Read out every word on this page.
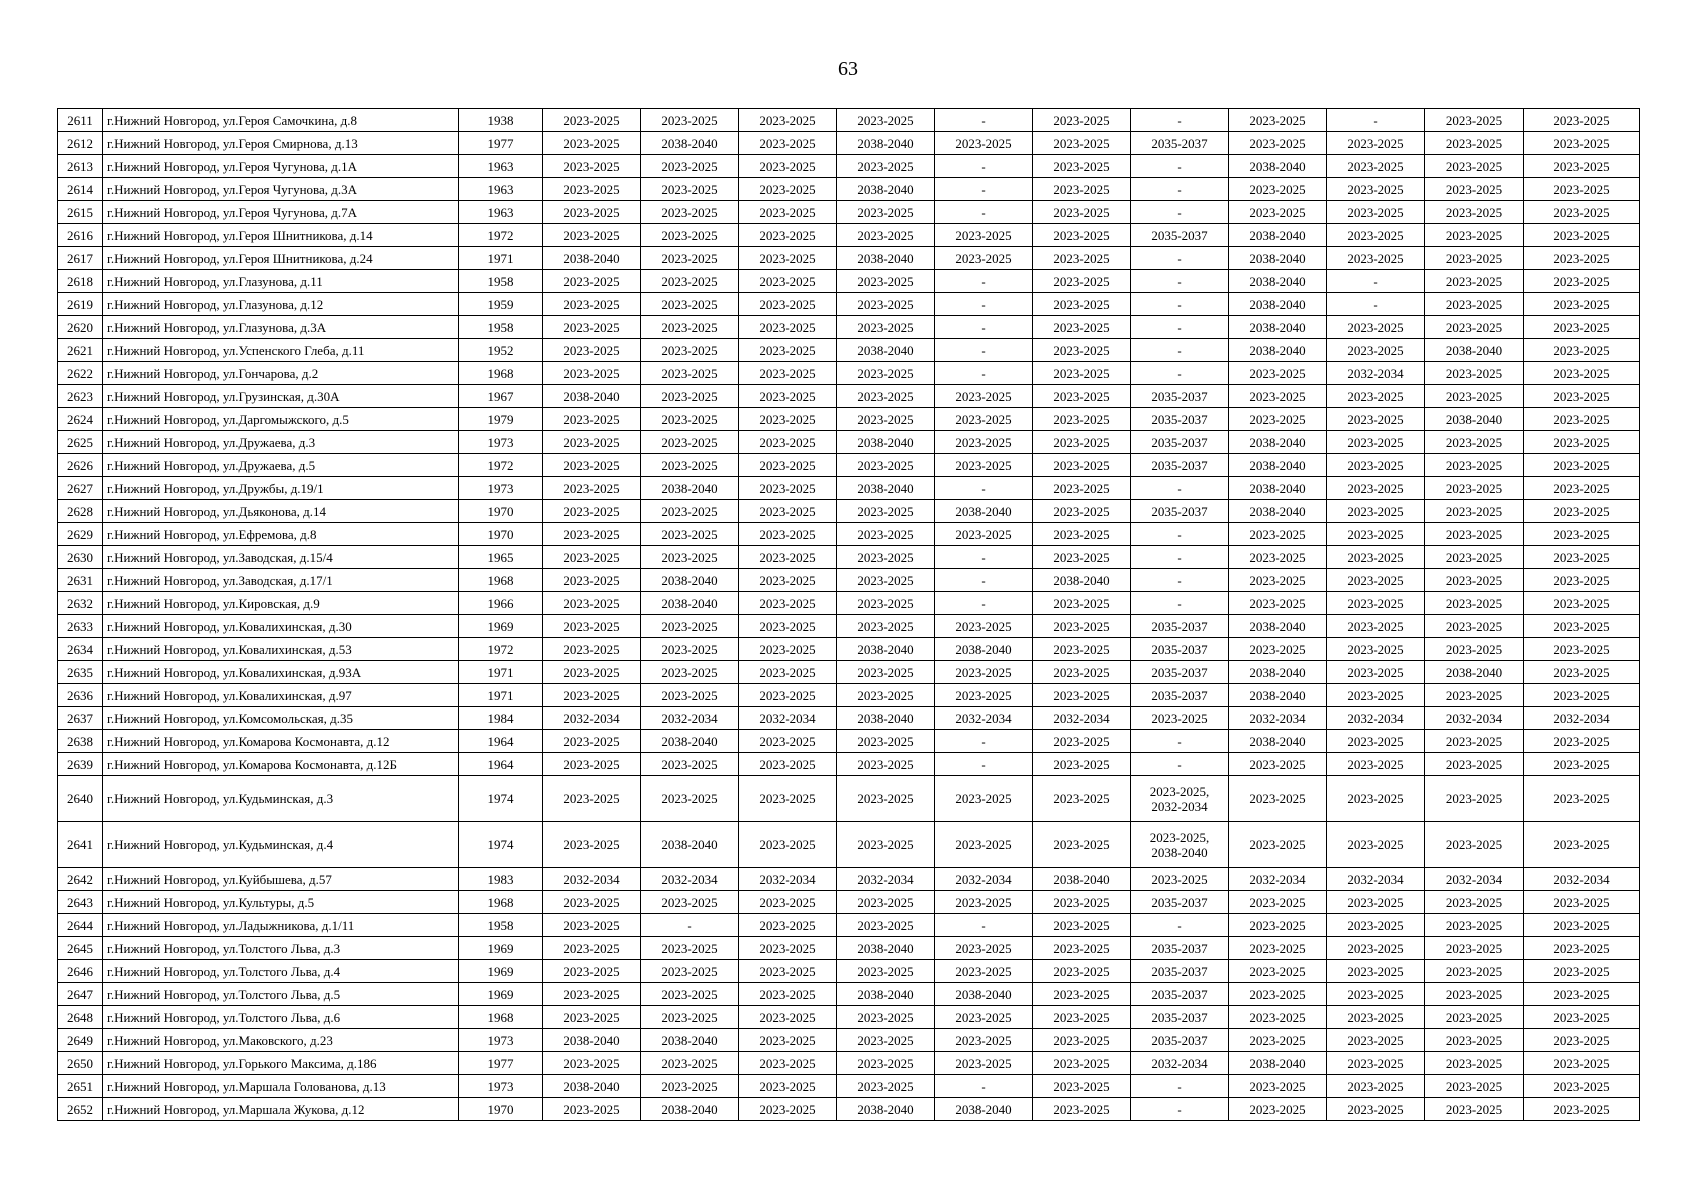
63
2611	г.Нижний Новгород, ул.Героя Самочкина, д.8	1938	2023-2025	2023-2025	2023-2025	2023-2025	-	2023-2025	-	2023-2025	-	2023-2025	2023-2025
2612	г.Нижний Новгород, ул.Героя Смирнова, д.13	1977	2023-2025	2038-2040	2023-2025	2038-2040	2023-2025	2023-2025	2035-2037	2023-2025	2023-2025	2023-2025	2023-2025
2613	г.Нижний Новгород, ул.Героя Чугунова, д.1А	1963	2023-2025	2023-2025	2023-2025	2023-2025	-	2023-2025	-	2038-2040	2023-2025	2023-2025	2023-2025
2614	г.Нижний Новгород, ул.Героя Чугунова, д.3А	1963	2023-2025	2023-2025	2023-2025	2038-2040	-	2023-2025	-	2023-2025	2023-2025	2023-2025	2023-2025
2615	г.Нижний Новгород, ул.Героя Чугунова, д.7А	1963	2023-2025	2023-2025	2023-2025	2023-2025	-	2023-2025	-	2023-2025	2023-2025	2023-2025	2023-2025
2616	г.Нижний Новгород, ул.Героя Шнитникова, д.14	1972	2023-2025	2023-2025	2023-2025	2023-2025	2023-2025	2023-2025	2035-2037	2038-2040	2023-2025	2023-2025	2023-2025
2617	г.Нижний Новгород, ул.Героя Шнитникова, д.24	1971	2038-2040	2023-2025	2023-2025	2038-2040	2023-2025	2023-2025	-	2038-2040	2023-2025	2023-2025	2023-2025
2618	г.Нижний Новгород, ул.Глазунова, д.11	1958	2023-2025	2023-2025	2023-2025	2023-2025	-	2023-2025	-	2038-2040	-	2023-2025	2023-2025
2619	г.Нижний Новгород, ул.Глазунова, д.12	1959	2023-2025	2023-2025	2023-2025	2023-2025	-	2023-2025	-	2038-2040	-	2023-2025	2023-2025
2620	г.Нижний Новгород, ул.Глазунова, д.3А	1958	2023-2025	2023-2025	2023-2025	2023-2025	-	2023-2025	-	2038-2040	2023-2025	2023-2025	2023-2025
2621	г.Нижний Новгород, ул.Успенского Глеба, д.11	1952	2023-2025	2023-2025	2023-2025	2038-2040	-	2023-2025	-	2038-2040	2023-2025	2038-2040	2023-2025
2622	г.Нижний Новгород, ул.Гончарова, д.2	1968	2023-2025	2023-2025	2023-2025	2023-2025	-	2023-2025	-	2023-2025	2032-2034	2023-2025	2023-2025
2623	г.Нижний Новгород, ул.Грузинская, д.30А	1967	2038-2040	2023-2025	2023-2025	2023-2025	2023-2025	2023-2025	2035-2037	2023-2025	2023-2025	2023-2025	2023-2025
2624	г.Нижний Новгород, ул.Даргомыжского, д.5	1979	2023-2025	2023-2025	2023-2025	2023-2025	2023-2025	2023-2025	2035-2037	2023-2025	2023-2025	2038-2040	2023-2025
2625	г.Нижний Новгород, ул.Дружаева, д.3	1973	2023-2025	2023-2025	2023-2025	2038-2040	2023-2025	2023-2025	2035-2037	2038-2040	2023-2025	2023-2025	2023-2025
2626	г.Нижний Новгород, ул.Дружаева, д.5	1972	2023-2025	2023-2025	2023-2025	2023-2025	2023-2025	2023-2025	2035-2037	2038-2040	2023-2025	2023-2025	2023-2025
2627	г.Нижний Новгород, ул.Дружбы, д.19/1	1973	2023-2025	2038-2040	2023-2025	2038-2040	-	2023-2025	-	2038-2040	2023-2025	2023-2025	2023-2025
2628	г.Нижний Новгород, ул.Дьяконова, д.14	1970	2023-2025	2023-2025	2023-2025	2023-2025	2038-2040	2023-2025	2035-2037	2038-2040	2023-2025	2023-2025	2023-2025
2629	г.Нижний Новгород, ул.Ефремова, д.8	1970	2023-2025	2023-2025	2023-2025	2023-2025	2023-2025	2023-2025	-	2023-2025	2023-2025	2023-2025	2023-2025
2630	г.Нижний Новгород, ул.Заводская, д.15/4	1965	2023-2025	2023-2025	2023-2025	2023-2025	-	2023-2025	-	2023-2025	2023-2025	2023-2025	2023-2025
2631	г.Нижний Новгород, ул.Заводская, д.17/1	1968	2023-2025	2038-2040	2023-2025	2023-2025	-	2038-2040	-	2023-2025	2023-2025	2023-2025	2023-2025
2632	г.Нижний Новгород, ул.Кировская, д.9	1966	2023-2025	2038-2040	2023-2025	2023-2025	-	2023-2025	-	2023-2025	2023-2025	2023-2025	2023-2025
2633	г.Нижний Новгород, ул.Ковалихинская, д.30	1969	2023-2025	2023-2025	2023-2025	2023-2025	2023-2025	2023-2025	2035-2037	2038-2040	2023-2025	2023-2025	2023-2025
2634	г.Нижний Новгород, ул.Ковалихинская, д.53	1972	2023-2025	2023-2025	2023-2025	2038-2040	2038-2040	2023-2025	2035-2037	2023-2025	2023-2025	2023-2025	2023-2025
2635	г.Нижний Новгород, ул.Ковалихинская, д.93А	1971	2023-2025	2023-2025	2023-2025	2023-2025	2023-2025	2023-2025	2035-2037	2038-2040	2023-2025	2038-2040	2023-2025
2636	г.Нижний Новгород, ул.Ковалихинская, д.97	1971	2023-2025	2023-2025	2023-2025	2023-2025	2023-2025	2023-2025	2035-2037	2038-2040	2023-2025	2023-2025	2023-2025
2637	г.Нижний Новгород, ул.Комсомольская, д.35	1984	2032-2034	2032-2034	2032-2034	2038-2040	2032-2034	2032-2034	2023-2025	2032-2034	2032-2034	2032-2034	2032-2034
2638	г.Нижний Новгород, ул.Комарова Космонавта, д.12	1964	2023-2025	2038-2040	2023-2025	2023-2025	-	2023-2025	-	2038-2040	2023-2025	2023-2025	2023-2025
2639	г.Нижний Новгород, ул.Комарова Космонавта, д.12Б	1964	2023-2025	2023-2025	2023-2025	2023-2025	-	2023-2025	-	2023-2025	2023-2025	2023-2025	2023-2025
2640	г.Нижний Новгород, ул.Кудьминская, д.3	1974	2023-2025	2023-2025	2023-2025	2023-2025	2023-2025	2023-2025	2023-2025, 2032-2034	2023-2025	2023-2025	2023-2025	2023-2025
2641	г.Нижний Новгород, ул.Кудьминская, д.4	1974	2023-2025	2038-2040	2023-2025	2023-2025	2023-2025	2023-2025	2023-2025, 2038-2040	2023-2025	2023-2025	2023-2025	2023-2025
2642	г.Нижний Новгород, ул.Куйбышева, д.57	1983	2032-2034	2032-2034	2032-2034	2032-2034	2032-2034	2038-2040	2023-2025	2032-2034	2032-2034	2032-2034	2032-2034
2643	г.Нижний Новгород, ул.Культуры, д.5	1968	2023-2025	2023-2025	2023-2025	2023-2025	2023-2025	2023-2025	2035-2037	2023-2025	2023-2025	2023-2025	2023-2025
2644	г.Нижний Новгород, ул.Ладыжникова, д.1/11	1958	2023-2025	-	2023-2025	2023-2025	-	2023-2025	-	2023-2025	2023-2025	2023-2025	2023-2025
2645	г.Нижний Новгород, ул.Толстого Льва, д.3	1969	2023-2025	2023-2025	2023-2025	2038-2040	2023-2025	2023-2025	2035-2037	2023-2025	2023-2025	2023-2025	2023-2025
2646	г.Нижний Новгород, ул.Толстого Льва, д.4	1969	2023-2025	2023-2025	2023-2025	2023-2025	2023-2025	2023-2025	2035-2037	2023-2025	2023-2025	2023-2025	2023-2025
2647	г.Нижний Новгород, ул.Толстого Льва, д.5	1969	2023-2025	2023-2025	2023-2025	2038-2040	2038-2040	2023-2025	2035-2037	2023-2025	2023-2025	2023-2025	2023-2025
2648	г.Нижний Новгород, ул.Толстого Льва, д.6	1968	2023-2025	2023-2025	2023-2025	2023-2025	2023-2025	2023-2025	2035-2037	2023-2025	2023-2025	2023-2025	2023-2025
2649	г.Нижний Новгород, ул.Маковского, д.23	1973	2038-2040	2038-2040	2023-2025	2023-2025	2023-2025	2023-2025	2035-2037	2023-2025	2023-2025	2023-2025	2023-2025
2650	г.Нижний Новгород, ул.Горького Максима, д.186	1977	2023-2025	2023-2025	2023-2025	2023-2025	2023-2025	2023-2025	2032-2034	2038-2040	2023-2025	2023-2025	2023-2025
2651	г.Нижний Новгород, ул.Маршала Голованова, д.13	1973	2038-2040	2023-2025	2023-2025	2023-2025	-	2023-2025	-	2023-2025	2023-2025	2023-2025	2023-2025
2652	г.Нижний Новгород, ул.Маршала Жукова, д.12	1970	2023-2025	2038-2040	2023-2025	2038-2040	2038-2040	2023-2025	-	2023-2025	2023-2025	2023-2025	2023-2025
